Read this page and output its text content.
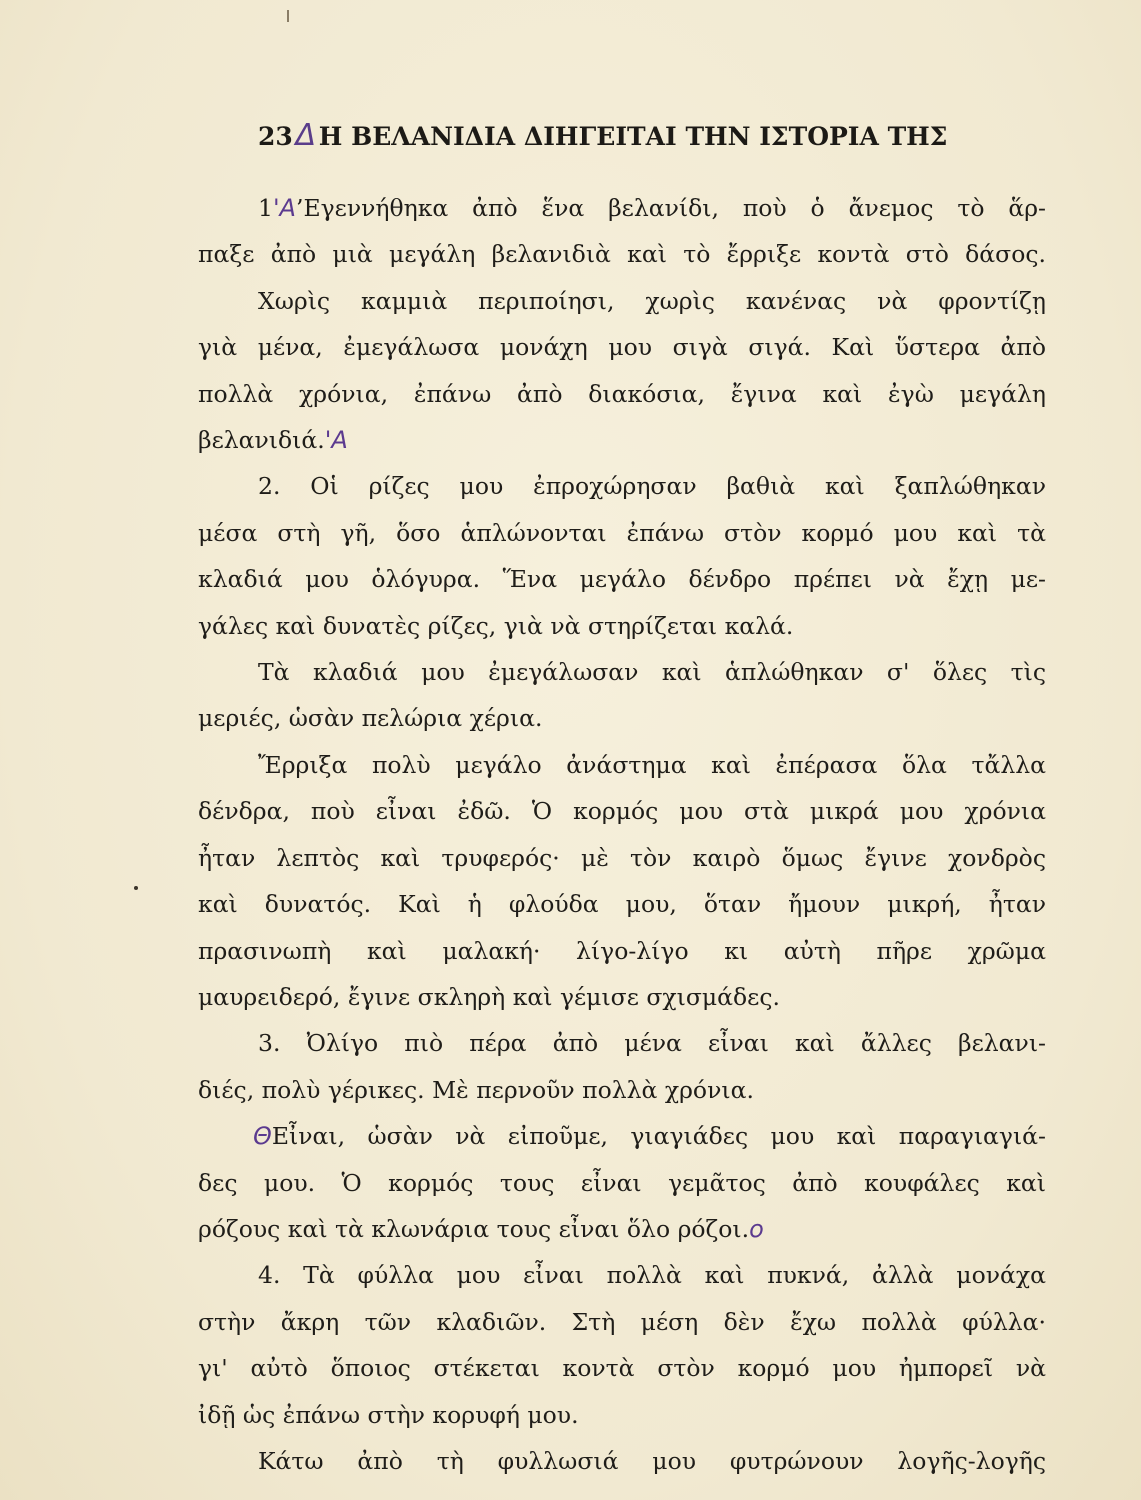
23Δ Η ΒΕΛΑΝΙΔΙΑ ΔΙΗΓΕΙΤΑΙ ΤΗΝ ΙΣΤΟΡΙΑ ΤΗΣ
1'Α’Εγεννήθηκα ἀπὸ ἕνα βελανίδι, ποὺ ὁ ἄνεμος τὸ ἅρ-
παξε ἀπὸ μιὰ μεγάλη βελανιδιὰ καὶ τὸ ἔρριξε κοντὰ στὸ δάσος.
Χωρὶς καμμιὰ περιποίησι, χωρὶς κανένας νὰ φροντίζῃ
γιὰ μένα, ἐμεγάλωσα μονάχη μου σιγὰ σιγά. Καὶ ὕστερα ἀπὸ
πολλὰ χρόνια, ἐπάνω ἀπὸ διακόσια, ἔγινα καὶ ἐγὼ μεγάλη
βελανιδιά.'Α
2. Οἱ ρίζες μου ἐπροχώρησαν βαθιὰ καὶ ξαπλώθηκαν
μέσα στὴ γῆ, ὅσο ἁπλώνονται ἐπάνω στὸν κορμό μου καὶ τὰ
κλαδιά μου ὁλόγυρα. Ἕνα μεγάλο δένδρο πρέπει νὰ ἔχῃ με-
γάλες καὶ δυνατὲς ρίζες, γιὰ νὰ στηρίζεται καλά.
Τὰ κλαδιά μου ἐμεγάλωσαν καὶ ἁπλώθηκαν σ' ὅλες τὶς
μεριές, ὡσὰν πελώρια χέρια.
Ἔρριξα πολὺ μεγάλο ἀνάστημα καὶ ἐπέρασα ὅλα τἄλλα
δένδρα, ποὺ εἶναι ἐδῶ. Ὁ κορμός μου στὰ μικρά μου χρόνια
ἦταν λεπτὸς καὶ τρυφερός· μὲ τὸν καιρὸ ὅμως ἔγινε χονδρὸς
καὶ δυνατός. Καὶ ἡ φλούδα μου, ὅταν ἤμουν μικρή, ἦταν
πρασινωπὴ καὶ μαλακή· λίγο-λίγο κι αὐτὴ πῆρε χρῶμα
μαυρειδερό, ἔγινε σκληρὴ καὶ γέμισε σχισμάδες.
3. Ὀλίγο πιὸ πέρα ἀπὸ μένα εἶναι καὶ ἄλλες βελανι-
διές, πολὺ γέρικες. Μὲ περνοῦν πολλὰ χρόνια.
ΘΕἶναι, ὡσὰν νὰ εἰποῦμε, γιαγιάδες μου καὶ παραγιαγιά-
δες μου. Ὁ κορμός τους εἶναι γεμᾶτος ἀπὸ κουφάλες καὶ
ρόζους καὶ τὰ κλωνάρια τους εἶναι ὅλο ρόζοι.ο
4. Τὰ φύλλα μου εἶναι πολλὰ καὶ πυκνά, ἀλλὰ μονάχα
στὴν ἄκρη τῶν κλαδιῶν. Στὴ μέση δὲν ἔχω πολλὰ φύλλα·
γι' αὐτὸ ὅποιος στέκεται κοντὰ στὸν κορμό μου ἠμπορεῖ νὰ
ἰδῇ ὡς ἐπάνω στὴν κορυφή μου.
Κάτω ἀπὸ τὴ φυλλωσιά μου φυτρώνουν λογῆς-λογῆς
